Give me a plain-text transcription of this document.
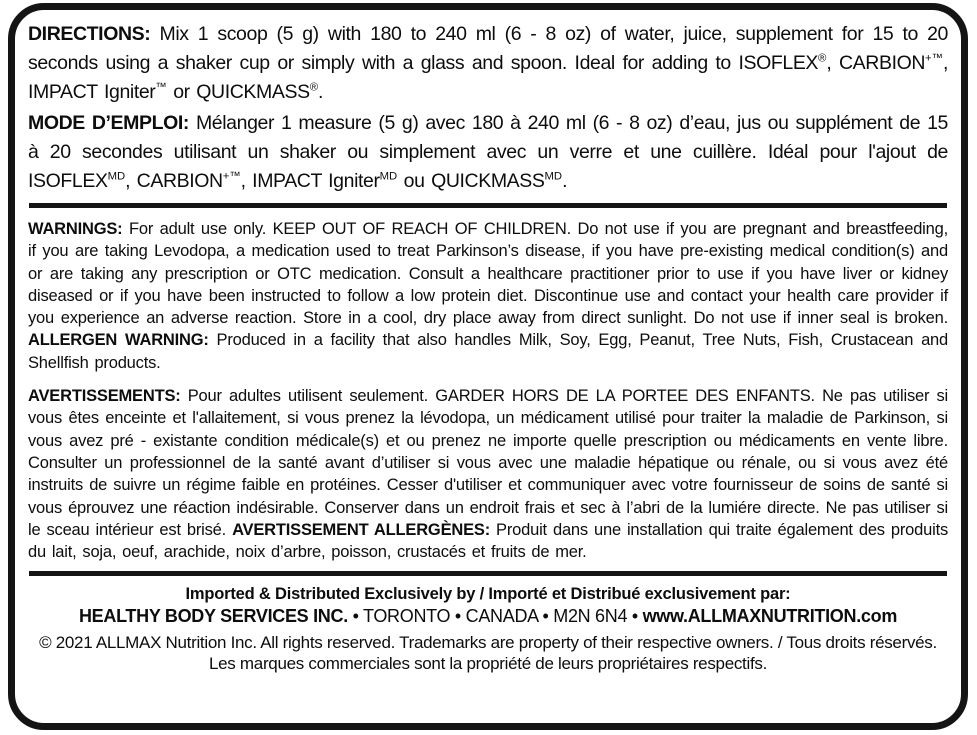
DIRECTIONS: Mix 1 scoop (5 g) with 180 to 240 ml (6 - 8 oz) of water, juice, supplement for 15 to 20 seconds using a shaker cup or simply with a glass and spoon. Ideal for adding to ISOFLEX®, CARBION+™, IMPACT Igniter™ or QUICKMASS®.

MODE D’EMPLOI: Mélanger 1 measure (5 g) avec 180 à 240 ml (6 - 8 oz) d’eau, jus ou supplément de 15 à 20 secondes utilisant un shaker ou simplement avec un verre et une cuillère. Idéal pour l'ajout de $ISOFLEX^{MD}$, CARBION+™, IMPACT Igniter$^{MD}$ ou $QUICKMASS^{MD}$.

WARNINGS: For adult use only. KEEP OUT OF REACH OF CHILDREN. Do not use if you are pregnant and breastfeeding, if you are taking Levodopa, a medication used to treat Parkinson’s disease, if you have pre-existing medical condition(s) and or are taking any prescription or OTC medication. Consult a healthcare practitioner prior to use if you have liver or kidney diseased or if you have been instructed to follow a low protein diet. Discontinue use and contact your health care provider if you experience an adverse reaction. Store in a cool, dry place away from direct sunlight. Do not use if inner seal is broken. ALLERGEN WARNING: Produced in a facility that also handles Milk, Soy, Egg, Peanut, Tree Nuts, Fish, Crustacean and Shellfish products.

AVERTISSEMENTS: Pour adultes utilisent seulement. GARDER HORS DE LA PORTEE DES ENFANTS. Ne pas utiliser si vous êtes enceinte et l'allaitement, si vous prenez la lévodopa, un médicament utilisé pour traiter la maladie de Parkinson, si vous avez pré - existante condition médicale(s) et ou prenez ne importe quelle prescription ou médicaments en vente libre. Consulter un professionnel de la santé avant d’utiliser si vous avec une maladie hépatique ou rénale, ou si vous avez été instruits de suivre un régime faible en protéines. Cesser d'utiliser et communiquer avec votre fournisseur de soins de santé si vous éprouvez une réaction indésirable. Conserver dans un endroit frais et sec à l’abri de la lumiére directe. Ne pas utiliser si le sceau intérieur est brisé. AVERTISSEMENT ALLERGÈNES: Produit dans une installation qui traite également des produits du lait, soja, oeuf, arachide, noix d’arbre, poisson, crustacés et fruits de mer.

Imported & Distributed Exclusively by / Importé et Distribué exclusivement par:

HEALTHY BODY SERVICES INC. • TORONTO • CANADA • M2N 6N4 • www.ALLMAXNUTRITION.com

© 2021 ALLMAX Nutrition Inc. All rights reserved. Trademarks are property of their respective owners. / Tous droits réservés.

Les marques commerciales sont la propriété de leurs propriétaires respectifs.
